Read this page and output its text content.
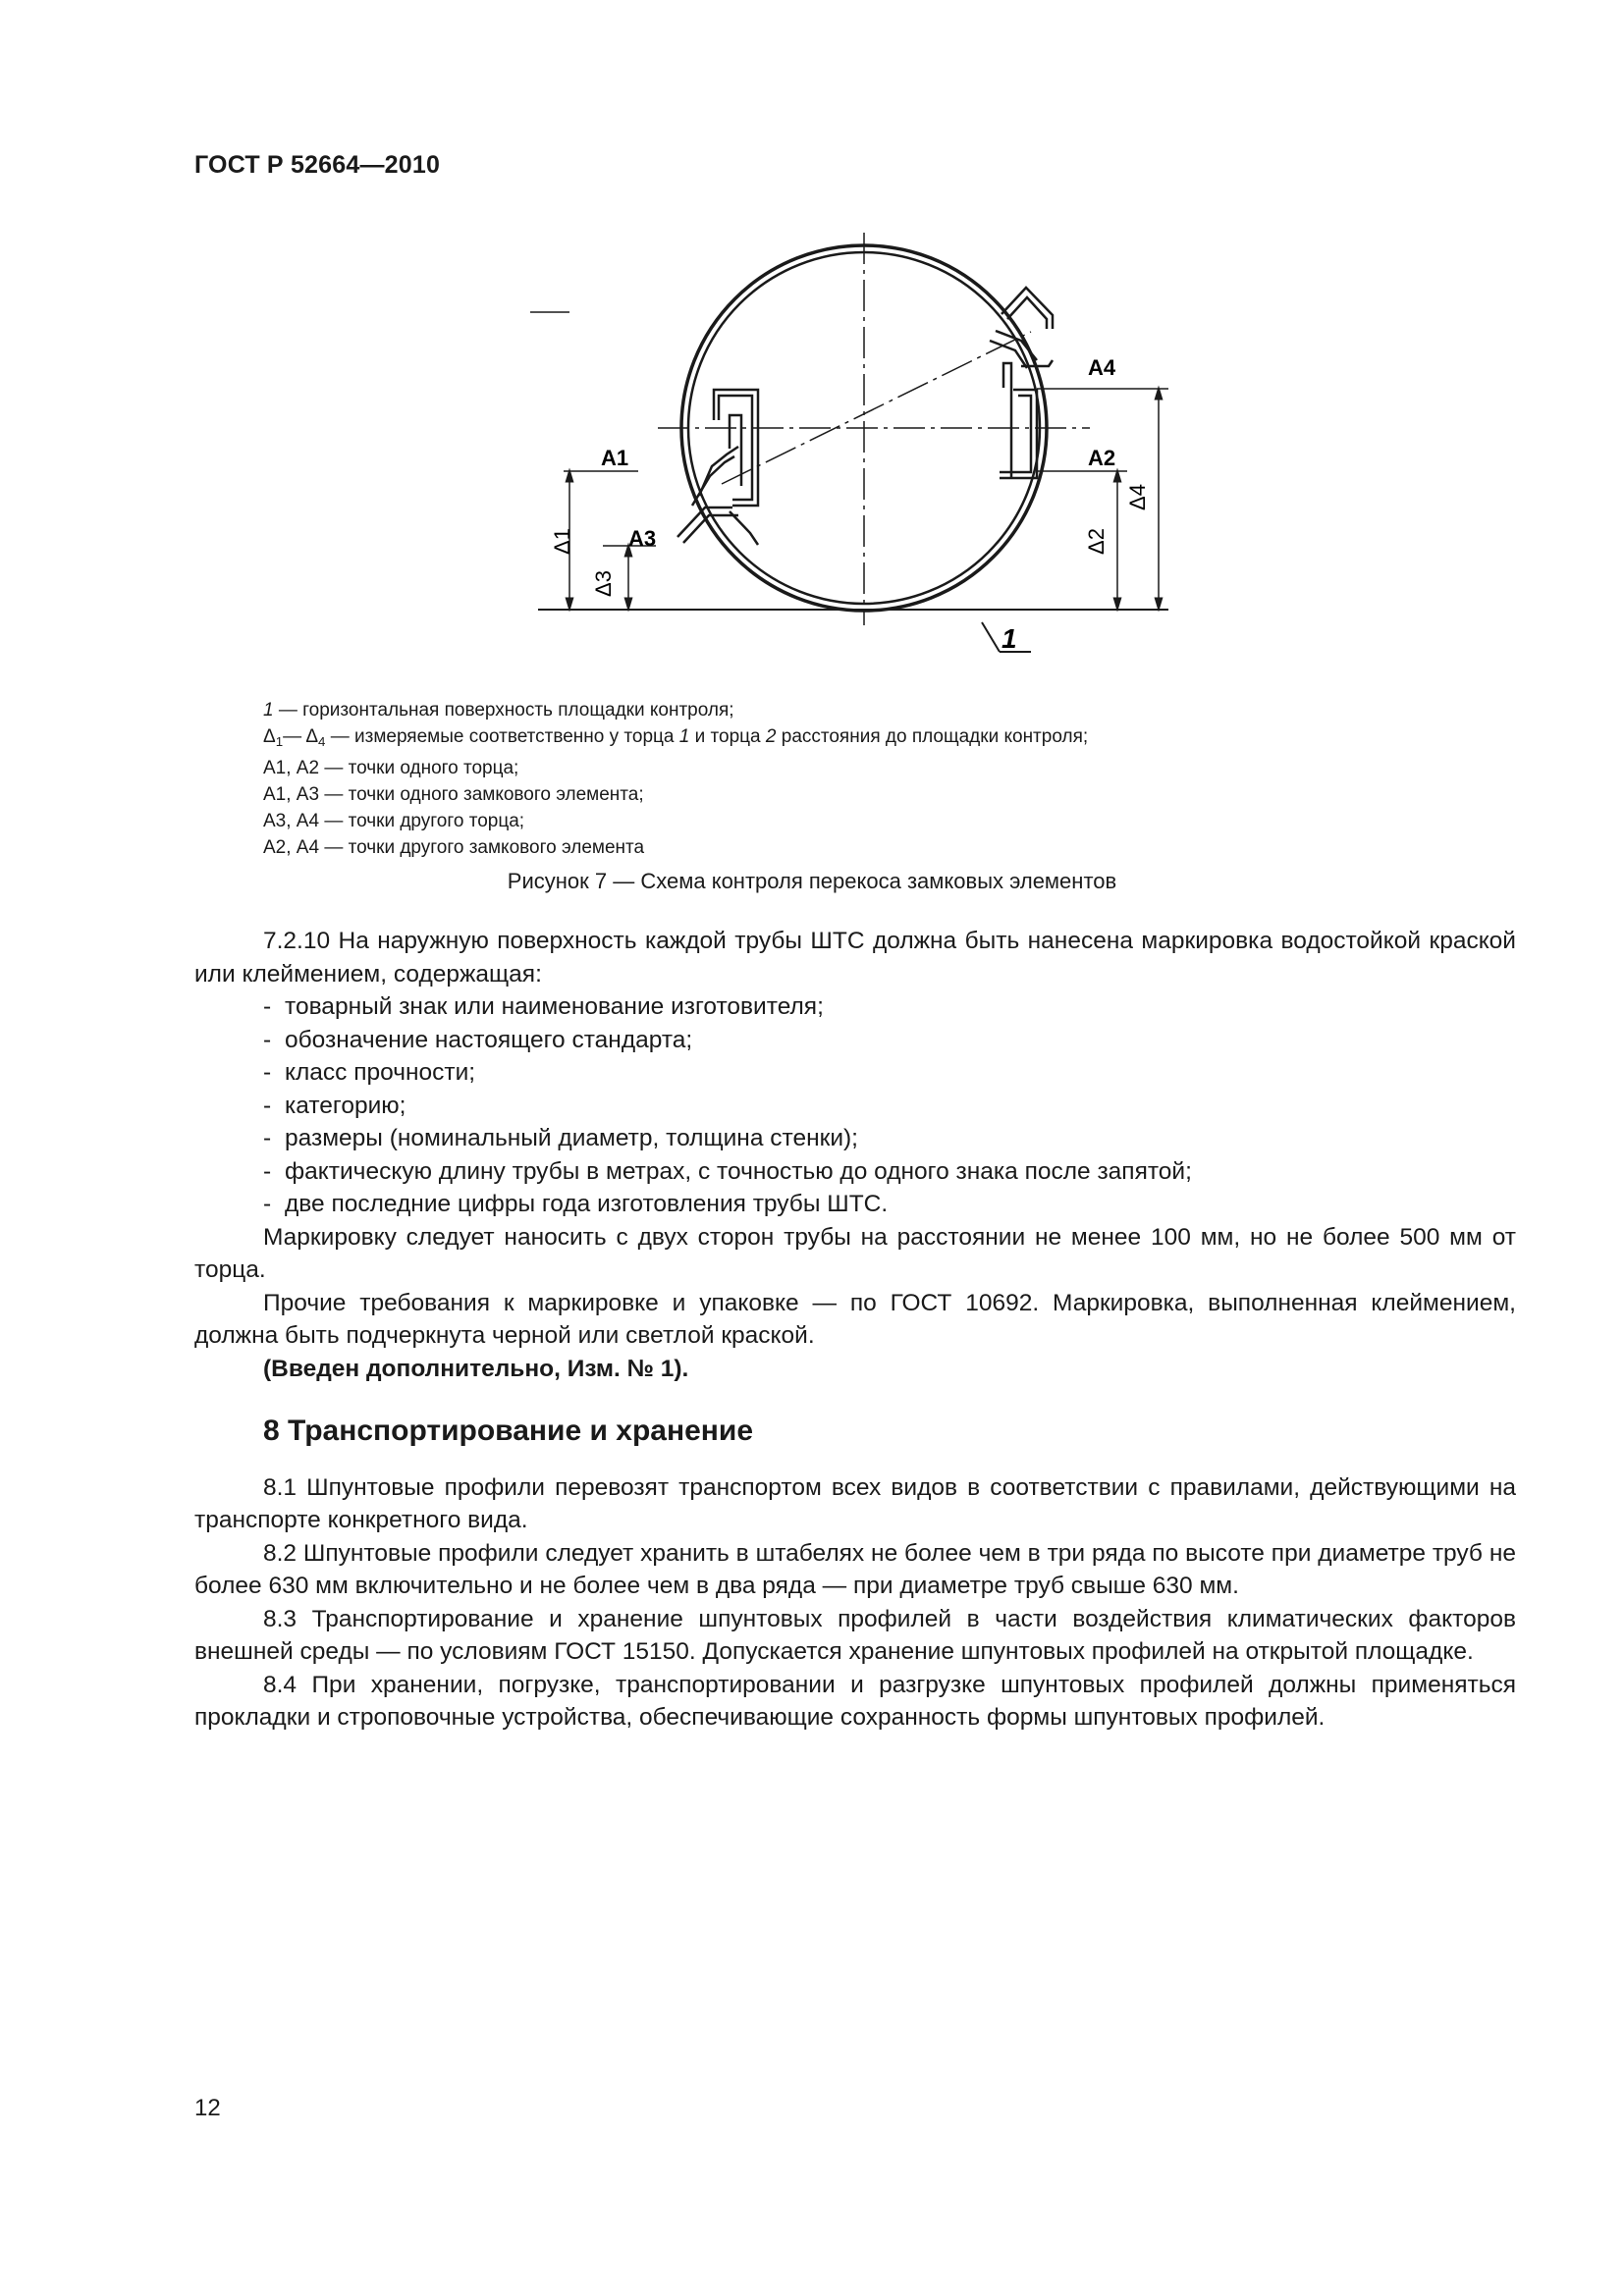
ГОСТ Р 52664—2010
А1	А2
А3
А4
1
Δ1
Δ3
Δ2
Δ4
1 — горизонтальная поверхность площадки контроля;
$\Delta_1—$ $\Delta_4$ — измеряемые соответственно у торца 1 и торца 2 расстояния до площадки контроля;
А1, А2 — точки одного торца;
А1, А3 — точки одного замкового элемента;
А3, А4 — точки другого торца;
А2, А4 — точки другого замкового элемента
Рисунок 7 — Схема контроля перекоса замковых элементов

7.2.10 На наружную поверхность каждой трубы ШТС должна быть нанесена маркировка водостойкой краской или клеймением, содержащая:

- товарный знак или наименование изготовителя;

- обозначение настоящего стандарта;

- класс прочности;

- категорию;

- размеры (номинальный диаметр, толщина стенки);

- фактическую длину трубы в метрах, с точностью до одного знака после запятой;

- две последние цифры года изготовления трубы ШТС.

Маркировку следует наносить с двух сторон трубы на расстоянии не менее 100 мм, но не более 500 мм от торца.

Прочие требования к маркировке и упаковке — по ГОСТ 10692. Маркировка, выполненная клеймением, должна быть подчеркнута черной или светлой краской.

(Введен дополнительно, Изм. № 1).

8 Транспортирование и хранение

8.1 Шпунтовые профили перевозят транспортом всех видов в соответствии с правилами, действующими на транспорте конкретного вида.

8.2 Шпунтовые профили следует хранить в штабелях не более чем в три ряда по высоте при диаметре труб не более 630 мм включительно и не более чем в два ряда — при диаметре труб свыше 630 мм.

8.3 Транспортирование и хранение шпунтовых профилей в части воздействия климатических факторов внешней среды — по условиям ГОСТ 15150. Допускается хранение шпунтовых профилей на открытой площадке.

8.4 При хранении, погрузке, транспортировании и разгрузке шпунтовых профилей должны применяться прокладки и строповочные устройства, обеспечивающие сохранность формы шпунтовых профилей.

12
